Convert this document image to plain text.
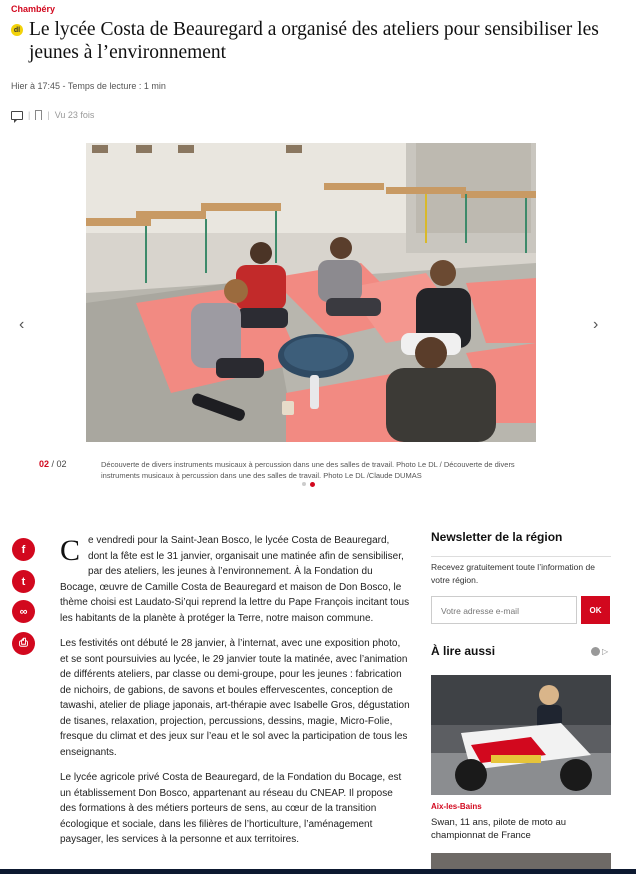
Chambéry
dl Le lycée Costa de Beauregard a organisé des ateliers pour sensibiliser les jeunes à l’environnement
Hier à 17:45 - Temps de lecture : 1 min
| | Vu 23 fois
‹	›
02 / 02	Découverte de divers instruments musicaux à percussion dans une des salles de travail. Photo Le DL / Découverte de divers instruments musicaux à percussion dans une des salles de travail. Photo Le DL /Claude DUMAS
f
t
∞
⎙

Ce vendredi pour la Saint-Jean Bosco, le lycée Costa de Beauregard, dont la fête est le 31 janvier, organisait une matinée afin de sensibiliser, par des ateliers, les jeunes à l’environnement. À la Fondation du Bocage, œuvre de Camille Costa de Beauregard et maison de Don Bosco, le thème choisi est Laudato-Si’qui reprend la lettre du Pape François incitant tous les habitants de la planète à protéger la Terre, notre maison commune.

Les festivités ont débuté le 28 janvier, à l’internat, avec une exposition photo, et se sont poursuivies au lycée, le 29 janvier toute la matinée, avec l’animation de différents ateliers, par classe ou demi-groupe, pour les jeunes : fabrication de nichoirs, de gabions, de savons et boules effervescentes, conception de tawashi, atelier de pliage japonais, art-thérapie avec Isabelle Gros, dégustation de tisanes, relaxation, projection, percussions, dessins, magie, Micro-Folie, fresque du climat et des jeux sur l’eau et le sol avec la participation de tous les enseignants.

Le lycée agricole privé Costa de Beauregard, de la Fondation du Bocage, est un établissement Don Bosco, appartenant au réseau du CNEAP. Il propose des formations à des métiers porteurs de sens, au cœur de la transition écologique et sociale, dans les filières de l’horticulture, l’aménagement paysager, les services à la personne et aux territoires.

Newsletter de la région
Recevez gratuitement toute l’information de votre région.
Votre adresse e-mail	OK
À lire aussi	▷
Aix-les-Bains
Swan, 11 ans, pilote de moto au championnat de France
